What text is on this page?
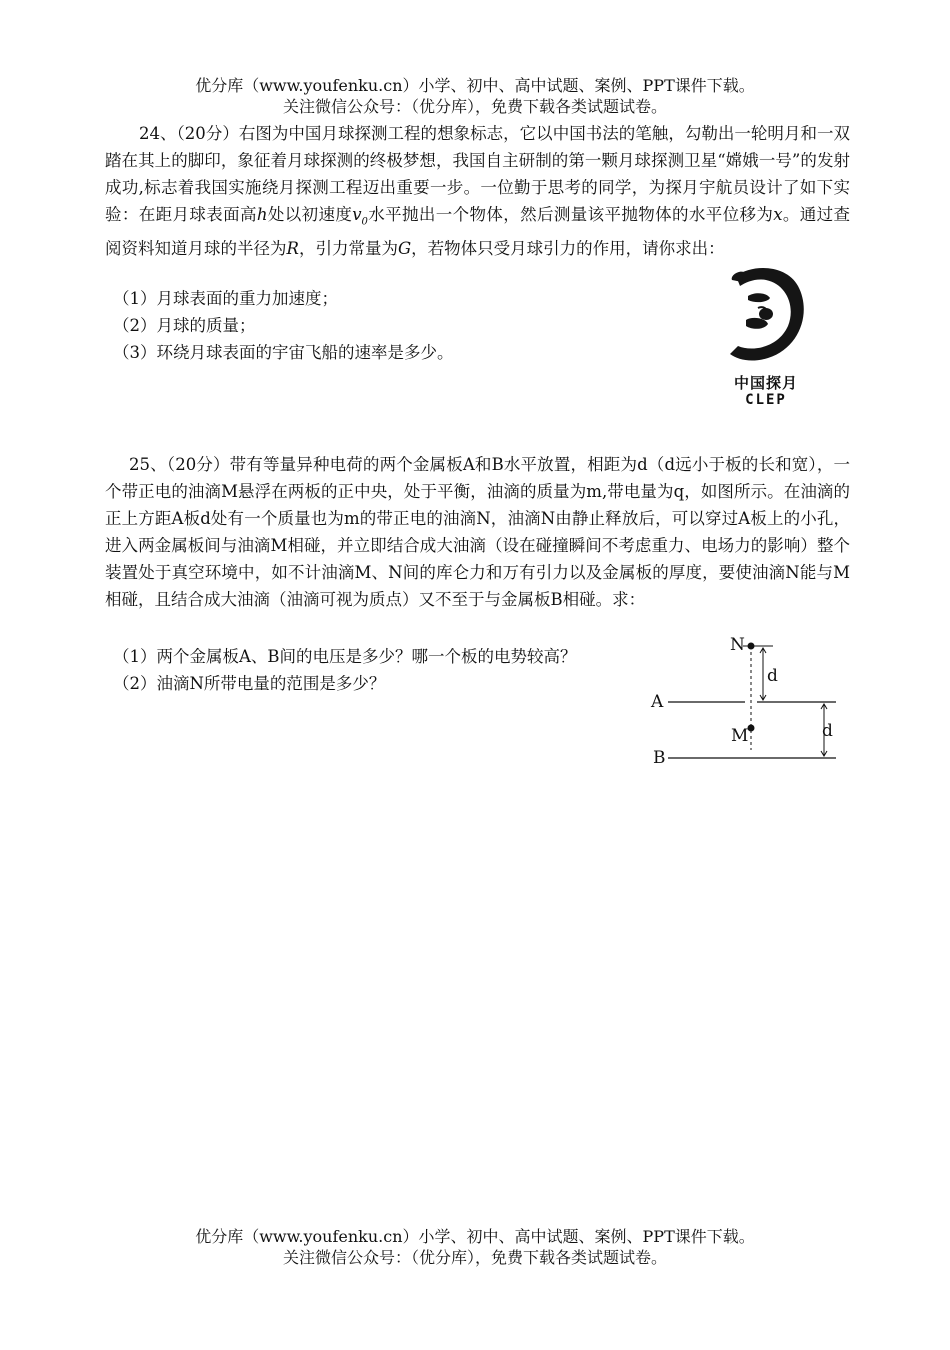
优分库（www.youfenku.cn）小学、初中、高中试题、案例、PPT课件下载。
关注微信公众号：（优分库），免费下载各类试题试卷。

24、（20分）右图为中国月球探测工程的想象标志，它以中国书法的笔触，勾勒出一轮明月和一双踏在其上的脚印，象征着月球探测的终极梦想，我国自主研制的第一颗月球探测卫星“嫦娥一号”的发射成功,标志着我国实施绕月探测工程迈出重要一步。一位勤于思考的同学，为探月宇航员设计了如下实验：在距月球表面高h处以初速度$v_0$水平抛出一个物体，然后测量该平抛物体的水平位移为x。通过查阅资料知道月球的半径为R，引力常量为G，若物体只受月球引力的作用，请你求出：

（1）月球表面的重力加速度；

（2）月球的质量；

（3）环绕月球表面的宇宙飞船的速率是多少。

中国探月
CLEP

25、（20分）带有等量异种电荷的两个金属板A和B水平放置，相距为d（d远小于板的长和宽），一个带正电的油滴M悬浮在两板的正中央，处于平衡，油滴的质量为m,带电量为q，如图所示。在油滴的正上方距A板d处有一个质量也为m的带正电的油滴N，油滴N由静止释放后，可以穿过A板上的小孔，进入两金属板间与油滴M相碰，并立即结合成大油滴（设在碰撞瞬间不考虑重力、电场力的影响）整个装置处于真空环境中，如不计油滴M、N间的库仑力和万有引力以及金属板的厚度，要使油滴N能与M相碰，且结合成大油滴（油滴可视为质点）又不至于与金属板B相碰。求：

（1）两个金属板A、B间的电压是多少？哪一个板的电势较高？

（2）油滴N所带电量的范围是多少？

N
M
A
B
d
d
优分库（www.youfenku.cn）小学、初中、高中试题、案例、PPT课件下载。
关注微信公众号：（优分库），免费下载各类试题试卷。
